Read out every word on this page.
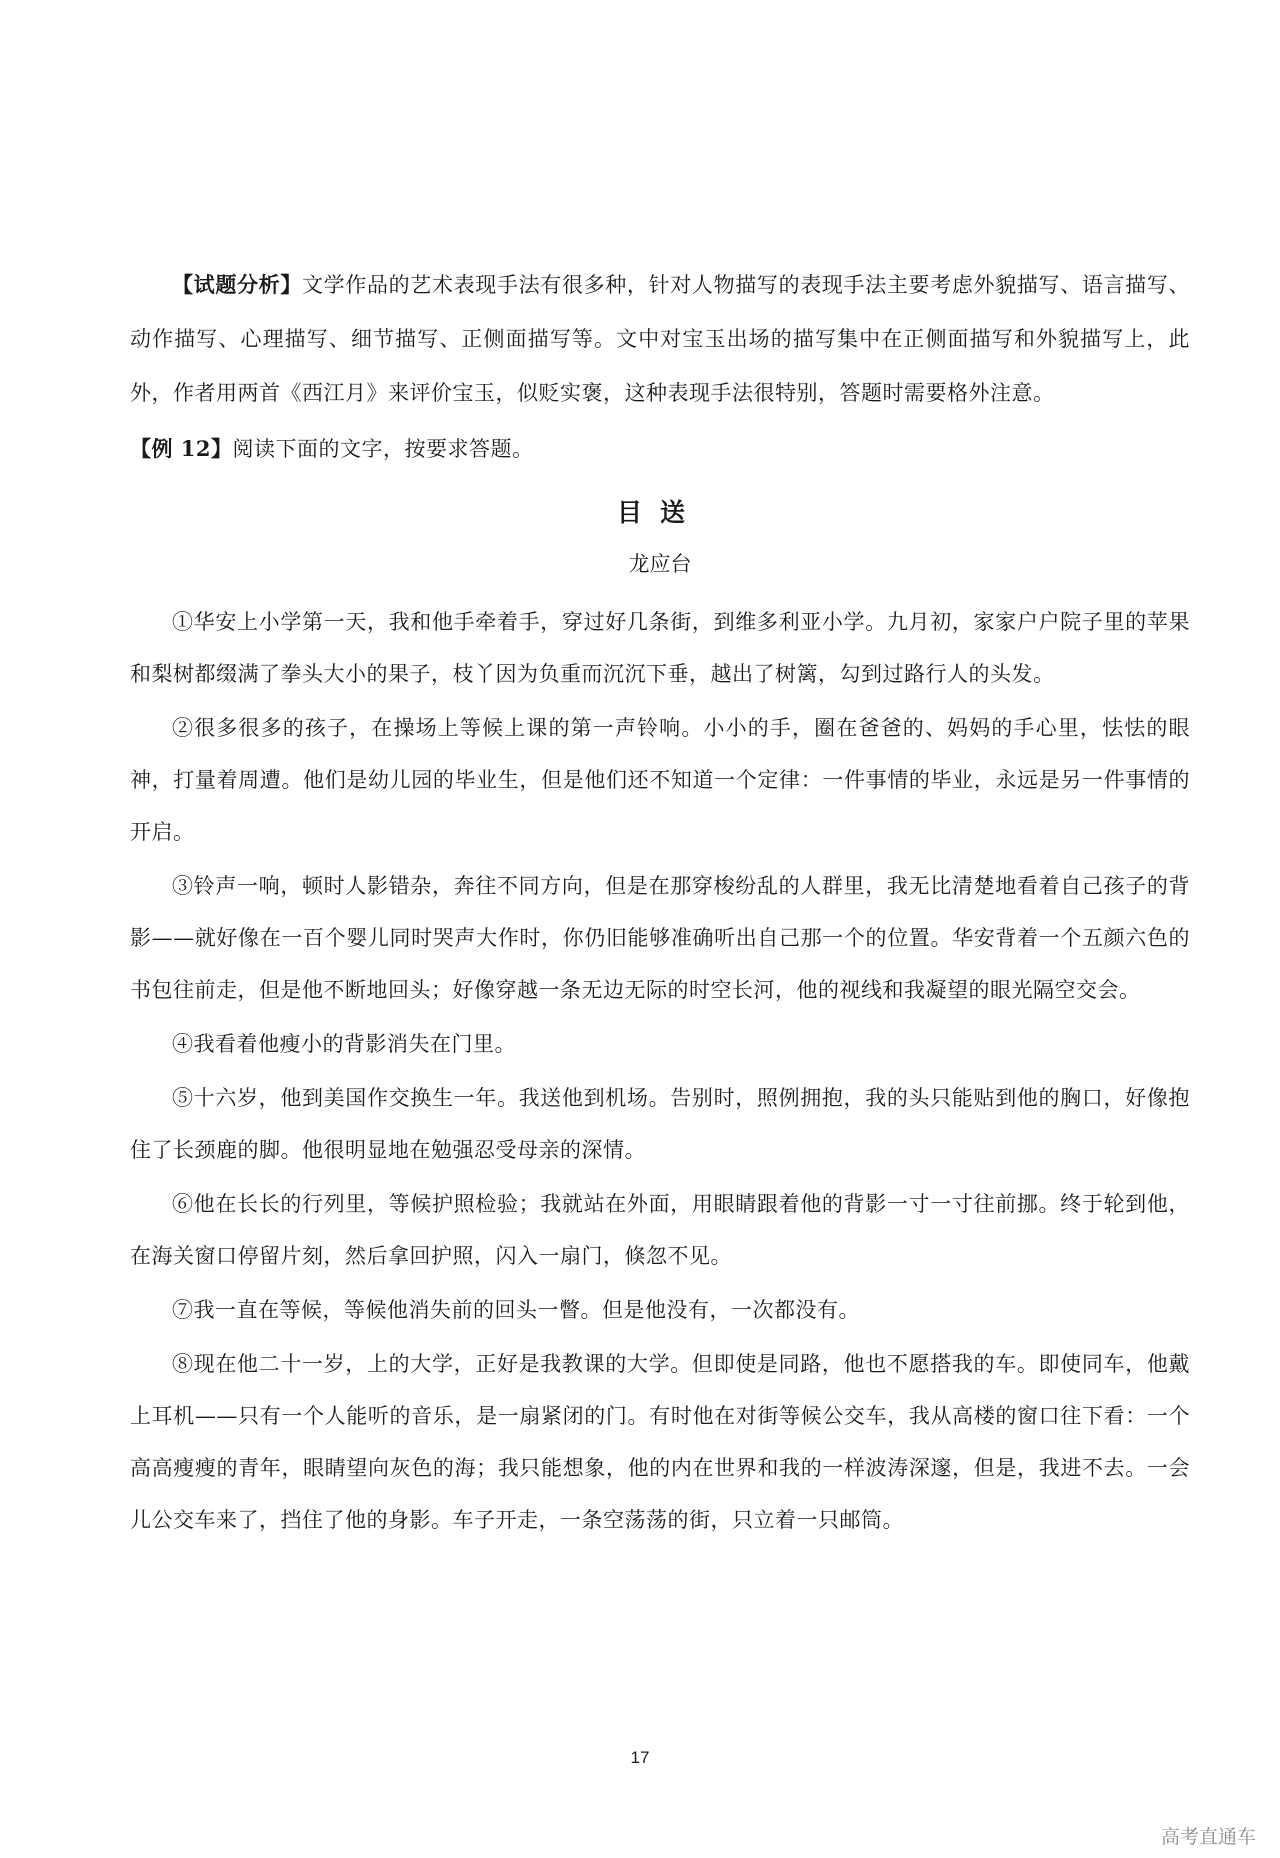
【试题分析】文学作品的艺术表现手法有很多种，针对人物描写的表现手法主要考虑外貌描写、语言描写、动作描写、心理描写、细节描写、正侧面描写等。文中对宝玉出场的描写集中在正侧面描写和外貌描写上，此外，作者用两首《西江月》来评价宝玉，似贬实褒，这种表现手法很特别，答题时需要格外注意。

【例 12】阅读下面的文字，按要求答题。

目送
龙应台

①华安上小学第一天，我和他手牵着手，穿过好几条街，到维多利亚小学。九月初，家家户户院子里的苹果和梨树都缀满了拳头大小的果子，枝丫因为负重而沉沉下垂，越出了树篱，勾到过路行人的头发。

②很多很多的孩子，在操场上等候上课的第一声铃响。小小的手，圈在爸爸的、妈妈的手心里，怯怯的眼神，打量着周遭。他们是幼儿园的毕业生，但是他们还不知道一个定律：一件事情的毕业，永远是另一件事情的开启。

③铃声一响，顿时人影错杂，奔往不同方向，但是在那穿梭纷乱的人群里，我无比清楚地看着自己孩子的背影——就好像在一百个婴儿同时哭声大作时，你仍旧能够准确听出自己那一个的位置。华安背着一个五颜六色的书包往前走，但是他不断地回头；好像穿越一条无边无际的时空长河，他的视线和我凝望的眼光隔空交会。

④我看着他瘦小的背影消失在门里。

⑤十六岁，他到美国作交换生一年。我送他到机场。告别时，照例拥抱，我的头只能贴到他的胸口，好像抱住了长颈鹿的脚。他很明显地在勉强忍受母亲的深情。

⑥他在长长的行列里，等候护照检验；我就站在外面，用眼睛跟着他的背影一寸一寸往前挪。终于轮到他，在海关窗口停留片刻，然后拿回护照，闪入一扇门，倏忽不见。

⑦我一直在等候，等候他消失前的回头一瞥。但是他没有，一次都没有。

⑧现在他二十一岁，上的大学，正好是我教课的大学。但即使是同路，他也不愿搭我的车。即使同车，他戴上耳机——只有一个人能听的音乐，是一扇紧闭的门。有时他在对街等候公交车，我从高楼的窗口往下看：一个高高瘦瘦的青年，眼睛望向灰色的海；我只能想象，他的内在世界和我的一样波涛深邃，但是，我进不去。一会儿公交车来了，挡住了他的身影。车子开走，一条空荡荡的街，只立着一只邮筒。

17
高考直通车
